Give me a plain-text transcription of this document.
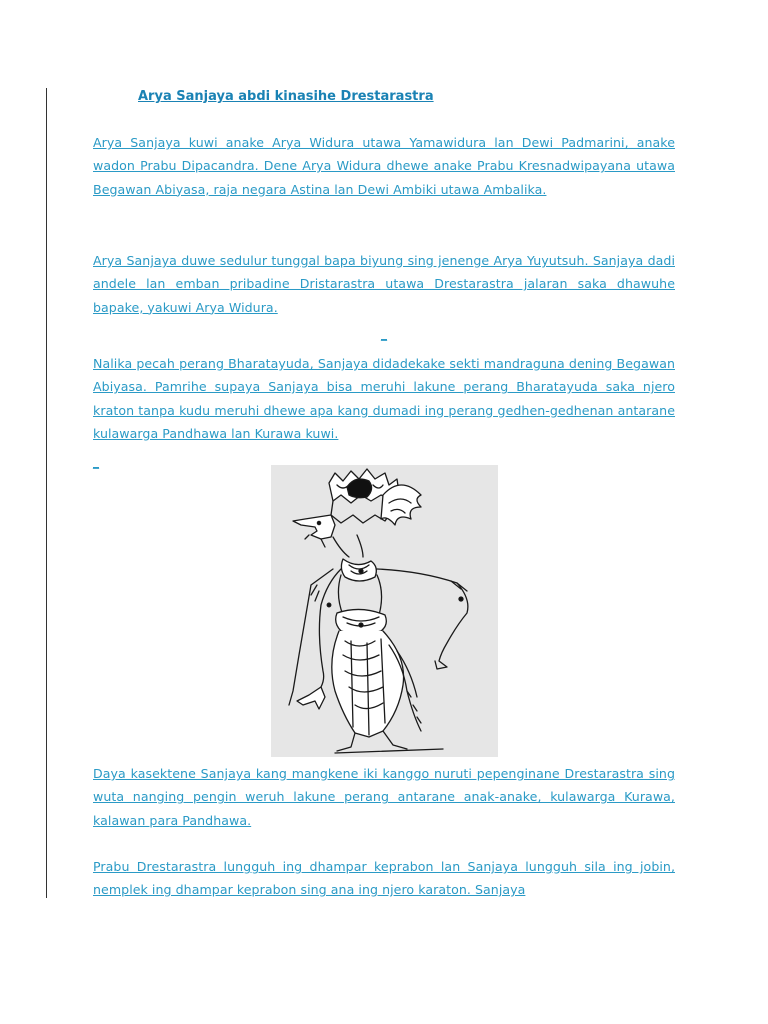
Arya Sanjaya abdi kinasihe Drestarastra

Arya Sanjaya kuwi anake Arya Widura utawa Yamawidura lan Dewi Padmarini, anake wadon Prabu Dipacandra. Dene Arya Widura dhewe anake Prabu Kresnadwipayana utawa Begawan Abiyasa, raja negara Astina lan Dewi Ambiki utawa Ambalika.

Arya Sanjaya duwe sedulur tunggal bapa biyung sing jenenge Arya Yuyutsuh. Sanjaya dadi andele lan emban pribadine Dristarastra utawa Drestarastra jalaran saka dhawuhe bapake, yakuwi Arya Widura.

_

Nalika pecah perang Bharatayuda, Sanjaya didadekake sekti mandraguna dening Begawan Abiyasa. Pamrihe supaya Sanjaya bisa meruhi lakune perang Bharatayuda saka njero kraton tanpa kudu meruhi dhewe apa kang dumadi ing perang gedhen-gedhenan antarane kulawarga Pandhawa lan Kurawa kuwi.

_

Daya kasektene Sanjaya kang mangkene iki kanggo nuruti pepenginane Drestarastra sing wuta nanging pengin weruh lakune perang antarane anak-anake, kulawarga Kurawa, kalawan para Pandhawa.

Prabu Drestarastra lungguh ing dhampar keprabon lan Sanjaya lungguh sila ing jobin, nemplek ing dhampar keprabon sing ana ing njero karaton. Sanjaya
